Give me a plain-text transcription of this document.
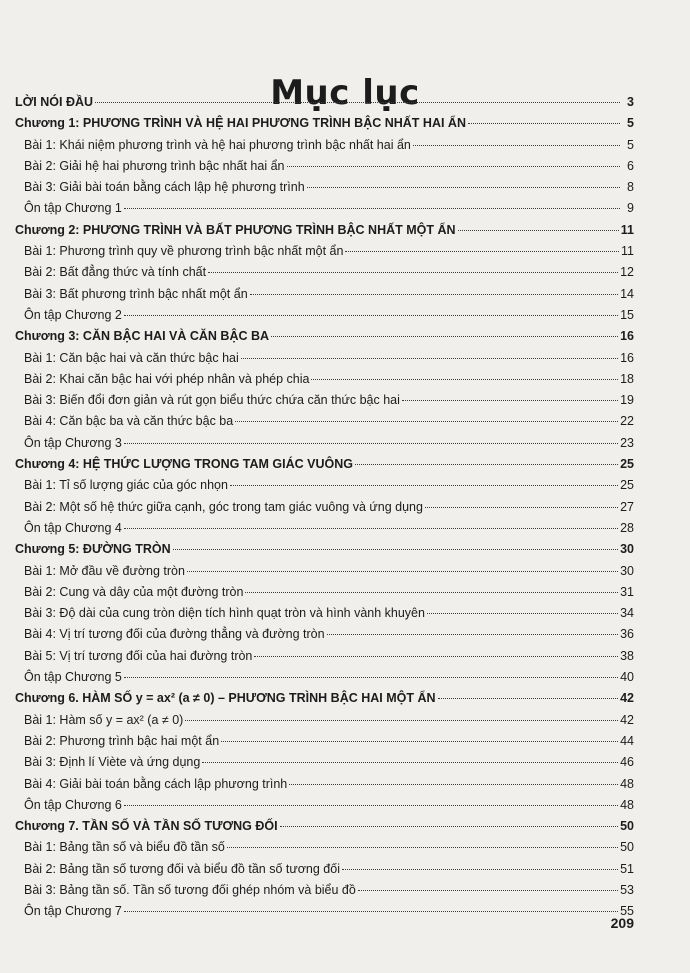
Mục lục
LỜI NÓI ĐẦU	3
Chương 1: PHƯƠNG TRÌNH VÀ HỆ HAI PHƯƠNG TRÌNH BẬC NHẤT HAI ẨN	5
Bài 1: Khái niệm phương trình và hệ hai phương trình bậc nhất hai ẩn	5
Bài 2: Giải hệ hai phương trình bậc nhất hai ẩn	6
Bài 3: Giải bài toán bằng cách lập hệ phương trình	8
Ôn tập Chương 1	9
Chương 2: PHƯƠNG TRÌNH VÀ BẤT PHƯƠNG TRÌNH BẬC NHẤT MỘT ẨN	11
Bài 1: Phương trình quy về phương trình bậc nhất một ẩn	11
Bài 2: Bất đẳng thức và tính chất	12
Bài 3: Bất phương trình bậc nhất một ẩn	14
Ôn tập Chương 2	15
Chương 3: CĂN BẬC HAI VÀ CĂN BẬC BA	16
Bài 1: Căn bậc hai và căn thức bậc hai	16
Bài 2: Khai căn bậc hai với phép nhân và phép chia	18
Bài 3: Biến đổi đơn giản và rút gọn biểu thức chứa căn thức bậc hai	19
Bài 4: Căn bậc ba và căn thức bậc ba	22
Ôn tập Chương 3	23
Chương 4: HỆ THỨC LƯỢNG TRONG TAM GIÁC VUÔNG	25
Bài 1: Tỉ số lượng giác của góc nhọn	25
Bài 2: Một số hệ thức giữa cạnh, góc trong tam giác vuông và ứng dụng	27
Ôn tập Chương 4	28
Chương 5: ĐƯỜNG TRÒN	30
Bài 1: Mở đầu về đường tròn	30
Bài 2: Cung và dây của một đường tròn	31
Bài 3: Độ dài của cung tròn diện tích hình quạt tròn và hình vành khuyên	34
Bài 4: Vị trí tương đối của đường thẳng và đường tròn	36
Bài 5: Vị trí tương đối của hai đường tròn	38
Ôn tập Chương 5	40
Chương 6. HÀM SỐ y = ax² (a ≠ 0) – PHƯƠNG TRÌNH BẬC HAI MỘT ẨN	42
Bài 1: Hàm số y = ax² (a ≠ 0)	42
Bài 2: Phương trình bậc hai một ẩn	44
Bài 3: Định lí Viète và ứng dụng	46
Bài 4: Giải bài toán bằng cách lập phương trình	48
Ôn tập Chương 6	48
Chương 7. TẦN SỐ VÀ TẦN SỐ TƯƠNG ĐỐI	50
Bài 1: Bảng tần số và biểu đồ tần số	50
Bài 2: Bảng tần số tương đối và biểu đồ tần số tương đối	51
Bài 3: Bảng tần số. Tần số tương đối ghép nhóm và biểu đồ	53
Ôn tập Chương 7	55
209
